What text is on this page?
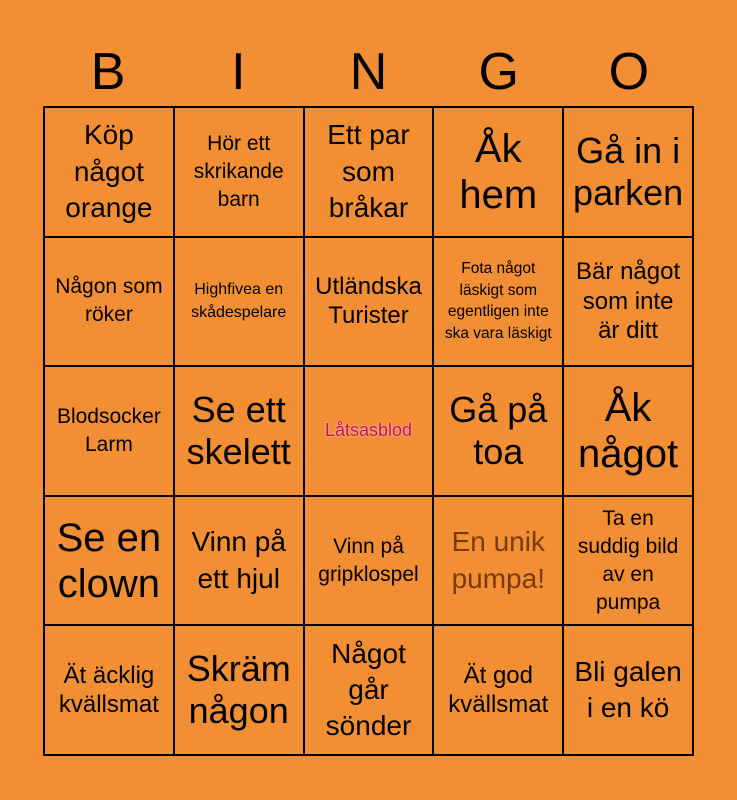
B	I	N	G	O
Köp något orange
Hör ett skrikande barn
Ett par som bråkar
Åk hem
Gå in i parken
Någon som röker
Highfivea en skådespelare
Utländska Turister
Fota något läskigt som egentligen inte ska vara läskigt
Bär något som inte är ditt
Blodsocker Larm
Se ett skelett
Låtsasblod
Gå på toa
Åk något
Se en clown
Vinn på ett hjul
Vinn på gripklospel
En unik pumpa!
Ta en suddig bild av en pumpa
Ät äcklig kvällsmat
Skräm någon
Något går sönder
Ät god kvällsmat
Bli galen i en kö
